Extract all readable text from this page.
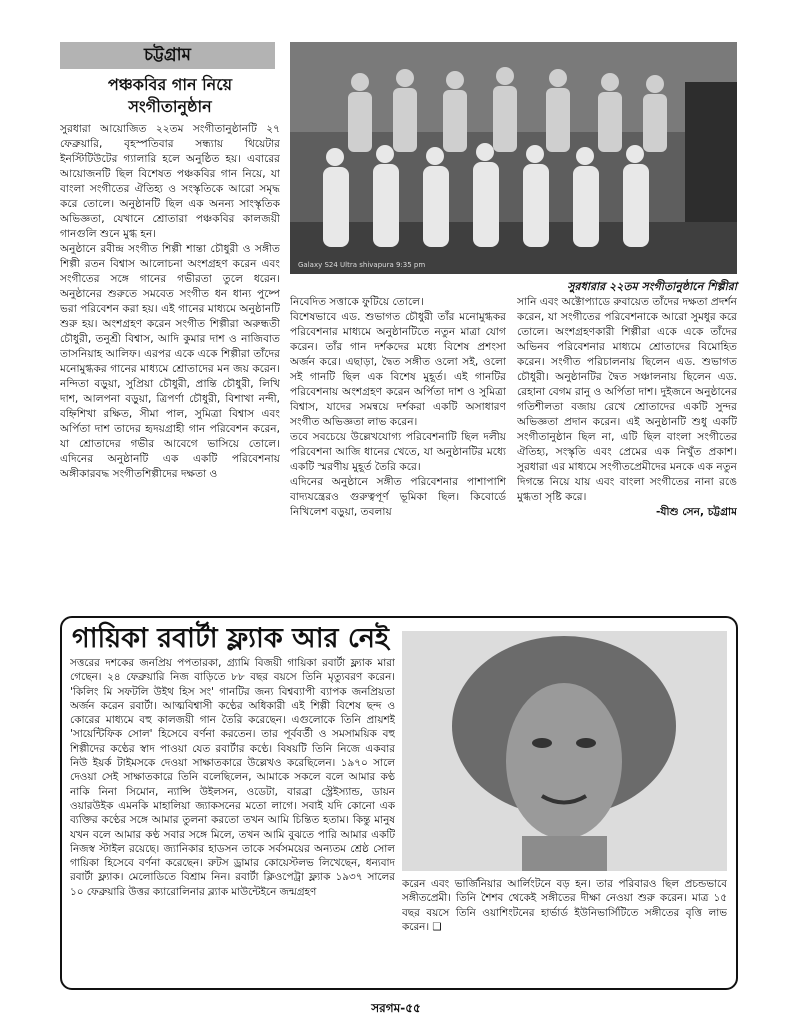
চট্টগ্রাম
পঞ্চকবির গান নিয়ে
সংগীতানুষ্ঠান

সুরধারা আয়োজিত ২২তম সংগীতানুষ্ঠানটি ২৭ ফেব্রুয়ারি, বৃহস্পতিবার সন্ধ্যায় থিয়েটার ইনস্টিটিউটের গ্যালারি হলে অনুষ্ঠিত হয়। এবারের আয়োজনটি ছিল বিশেষত পঞ্চকবির গান নিয়ে, যা বাংলা সংগীতের ঐতিহ্য ও সংস্কৃতিকে আরো সমৃদ্ধ করে তোলে। অনুষ্ঠানটি ছিল এক অনন্য সাংস্কৃতিক অভিজ্ঞতা, যেখানে শ্রোতারা পঞ্চকবির কালজয়ী গানগুলি শুনে মুগ্ধ হন।

অনুষ্ঠানে রবীন্দ্র সংগীত শিল্পী শান্তা চৌধুরী ও সঙ্গীত শিল্পী রতন বিশ্বাস আলোচনা অংশগ্রহণ করেন এবং সংগীতের সঙ্গে গানের গভীরতা তুলে ধরেন। অনুষ্ঠানের শুরুতে সমবেত সংগীত ধন ধান্য পুষ্পে ভরা পরিবেশন করা হয়। এই গানের মাধ্যমে অনুষ্ঠানটি শুরু হয়। অংশগ্রহণ করেন সংগীত শিল্পীরা অরুন্ধতী চৌধুরী, তনুশ্রী বিশ্বাস, আদি কুমার দাশ ও নাজিবাত তাসনিয়াহ আলিফ। এরপর একে একে শিল্পীরা তাঁদের মনোমুগ্ধকর গানের মাধ্যমে শ্রোতাদের মন জয় করেন। নন্দিতা বড়ুয়া, সুপ্রিয়া চৌধুরী, প্রান্তি চৌধুরী, লিখি দাশ, আলপনা বড়ুয়া, ত্রিপর্ণা চৌধুরী, বিশাখা নন্দী, বহ্নিশিখা রক্ষিত, সীমা পাল, সুমিত্রা বিশ্বাস এবং অর্পিতা দাশ তাদের হৃদয়গ্রাহী গান পরিবেশন করেন, যা শ্রোতাদের গভীর আবেগে ভাসিয়ে তোলে। এদিনের অনুষ্ঠানটি এক একটি পরিবেশনায় অঙ্গীকারবদ্ধ সংগীতশিল্পীদের দক্ষতা ও

Galaxy S24 Ultra shivapura 9:35 pm
সুরধারার ২২তম সংগীতানুষ্ঠানে শিল্পীরা

নিবেদিত সত্তাকে ফুটিয়ে তোলে।

বিশেষভাবে এড. শুভাগত চৌধুরী তাঁর মনোমুগ্ধকর পরিবেশনার মাধ্যমে অনুষ্ঠানটিতে নতুন মাত্রা যোগ করেন। তাঁর গান দর্শকদের মধ্যে বিশেষ প্রশংসা অর্জন করে। এছাড়া, দ্বৈত সঙ্গীত ওলো সই, ওলো সই গানটি ছিল এক বিশেষ মুহূর্ত। এই গানটির পরিবেশনায় অংশগ্রহণ করেন অর্পিতা দাশ ও সুমিত্রা বিশ্বাস, যাদের সমন্বয়ে দর্শকরা একটি অসাধারণ সংগীত অভিজ্ঞতা লাভ করেন।

তবে সবচেয়ে উল্লেখযোগ্য পরিবেশনাটি ছিল দলীয় পরিবেশনা আজি ধানের খেতে, যা অনুষ্ঠানটির মধ্যে একটি স্মরণীয় মুহূর্ত তৈরি করে।

এদিনের অনুষ্ঠানে সঙ্গীত পরিবেশনার পাশাপাশি বাদ্যযন্ত্রেরও গুরুত্বপূর্ণ ভূমিকা ছিল। কিবোর্ডে নিখিলেশ বড়ুয়া, তবলায়

সানি এবং অক্টোপ্যাডে রুবায়েত তাঁদের দক্ষতা প্রদর্শন করেন, যা সংগীতের পরিবেশনাকে আরো সুমধুর করে তোলে। অংশগ্রহণকারী শিল্পীরা একে একে তাঁদের অভিনব পরিবেশনার মাধ্যমে শ্রোতাদের বিমোহিত করেন। সংগীত পরিচালনায় ছিলেন এড. শুভাগত চৌধুরী। অনুষ্ঠানটির দ্বৈত সঞ্চালনায় ছিলেন এড. রেহানা বেগম রানু ও অর্পিতা দাশ। দুইজনে অনুষ্ঠানের গতিশীলতা বজায় রেখে শ্রোতাদের একটি সুন্দর অভিজ্ঞতা প্রদান করেন। এই অনুষ্ঠানটি শুধু একটি সংগীতানুষ্ঠান ছিল না, এটি ছিল বাংলা সংগীতের ঐতিহ্য, সংস্কৃতি এবং প্রেমের এক নিখুঁত প্রকাশ। সুরধারা এর মাধ্যমে সংগীতপ্রেমীদের মনকে এক নতুন দিগন্তে নিয়ে যায় এবং বাংলা সংগীতের নানা রঙে মুগ্ধতা সৃষ্টি করে।

-যীশু সেন, চট্টগ্রাম

গায়িকা রবার্টা ফ্ল্যাক আর নেই

সত্তরের দশকের জনপ্রিয় পপতারকা, গ্র্যামি বিজয়ী গায়িকা রবার্টা ফ্ল্যাক মারা গেছেন। ২৪ ফেব্রুয়ারি নিজ বাড়িতে ৮৮ বছর বয়সে তিনি মৃত্যুবরণ করেন। 'কিলিং মি সফটলি উইথ হিস সং' গানটির জন্য বিশ্বব্যাপী ব্যাপক জনপ্রিয়তা অর্জন করেন রবার্টা। আত্মবিশ্বাসী কণ্ঠের অধিকারী এই শিল্পী বিশেষ ছন্দ ও কোরের মাধ্যমে বহু কালজয়ী গান তৈরি করেছেন। এগুলোকে তিনি প্রায়শই 'সায়েন্টিফিক সোল' হিসেবে বর্ণনা করতেন। তার পূর্ববর্তী ও সমসাময়িক বহু শিল্পীদের কণ্ঠের স্বাদ পাওয়া যেত রবার্টার কণ্ঠে। বিষয়টি তিনি নিজে একবার নিউ ইয়র্ক টাইমসকে দেওয়া সাক্ষাতকারে উল্লেখও করেছিলেন। ১৯৭০ সালে দেওয়া সেই সাক্ষাতকারে তিনি বলেছিলেন, আমাকে সকলে বলে আমার কণ্ঠ নাকি নিনা সিমোন, ন্যান্সি উইলসন, ওডেটা, বারব্রা স্ট্রেইস্যান্ড, ডায়ন ওয়ারউইক এমনকি মাহালিয়া জ্যাকসনের মতো লাগে। সবাই যদি কোনো এক ব্যক্তির কণ্ঠের সঙ্গে আমার তুলনা করতো তখন আমি চিন্তিত হতাম। কিন্তু মানুষ যখন বলে আমার কণ্ঠ সবার সঙ্গে মিলে, তখন আমি বুঝতে পারি আমার একটি নিজস্ব স্টাইল রয়েছে। জ্যানিকার হাডসন তাকে সর্বসময়ের অন্যতম শ্রেষ্ঠ সোল গায়িকা হিসেবে বর্ণনা করেছেন। রুটস ড্রামার কোয়েস্টলভ লিখেছেন, ধন্যবাদ রবার্টা ফ্ল্যাক। মেলোডিতে বিশ্রাম নিন। রবার্টা ক্লিওপেট্রা ফ্ল্যাক ১৯৩৭ সালের ১০ ফেব্রুয়ারি উত্তর ক্যারোলিনার ব্ল্যাক মাউন্টেইনে জন্মগ্রহণ

করেন এবং ভার্জিনিয়ার আর্লিংটনে বড় হন। তার পরিবারও ছিল প্রচন্ডভাবে সঙ্গীতপ্রেমী। তিনি শৈশব থেকেই সঙ্গীতের দীক্ষা নেওয়া শুরু করেন। মাত্র ১৫ বছর বয়সে তিনি ওয়াশিংটনের হার্ভার্ড ইউনিভার্সিটিতে সঙ্গীতের বৃত্তি লাভ করেন। ❑

সরগম-৫৫
